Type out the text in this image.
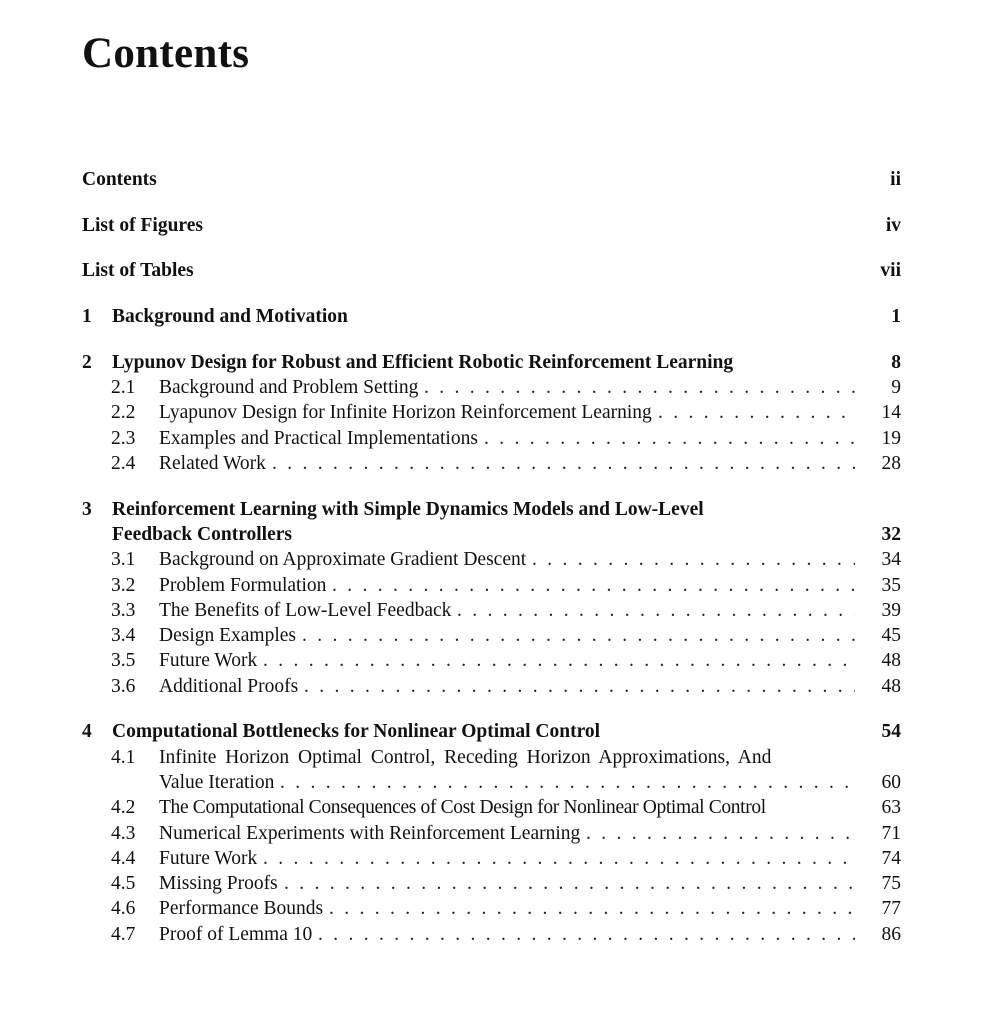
Contents
Contents	ii
List of Figures	iv
List of Tables	vii
1 Background and Motivation	1
2 Lypunov Design for Robust and Efficient Robotic Reinforcement Learning	8
2.1 . . . Background and Problem Setting	9
2.2 . . . Lyapunov Design for Infinite Horizon Reinforcement Learning	14
2.3 . . . Examples and Practical Implementations	19
2.4 . . . Related Work	28
3 Reinforcement Learning with Simple Dynamics Models and Low-Level
Feedback Controllers	32
3.1 . . . Background on Approximate Gradient Descent	34
3.2 . . . Problem Formulation	35
3.3 . . . The Benefits of Low-Level Feedback	39
3.4 . . . Design Examples	45
3.5 . . . Future Work	48
3.6 . . . Additional Proofs	48
4 Computational Bottlenecks for Nonlinear Optimal Control	54
4.1 Infinite Horizon Optimal Control, Receding Horizon Approximations, And
. . .
Value Iteration	60
4.2 The Computational Consequences of Cost Design for Nonlinear Optimal Control	63
4.3 . . . Numerical Experiments with Reinforcement Learning	71
4.4 . . . Future Work	74
4.5 . . . Missing Proofs	75
4.6 . . . Performance Bounds	77
4.7 . . . Proof of Lemma 10	86
